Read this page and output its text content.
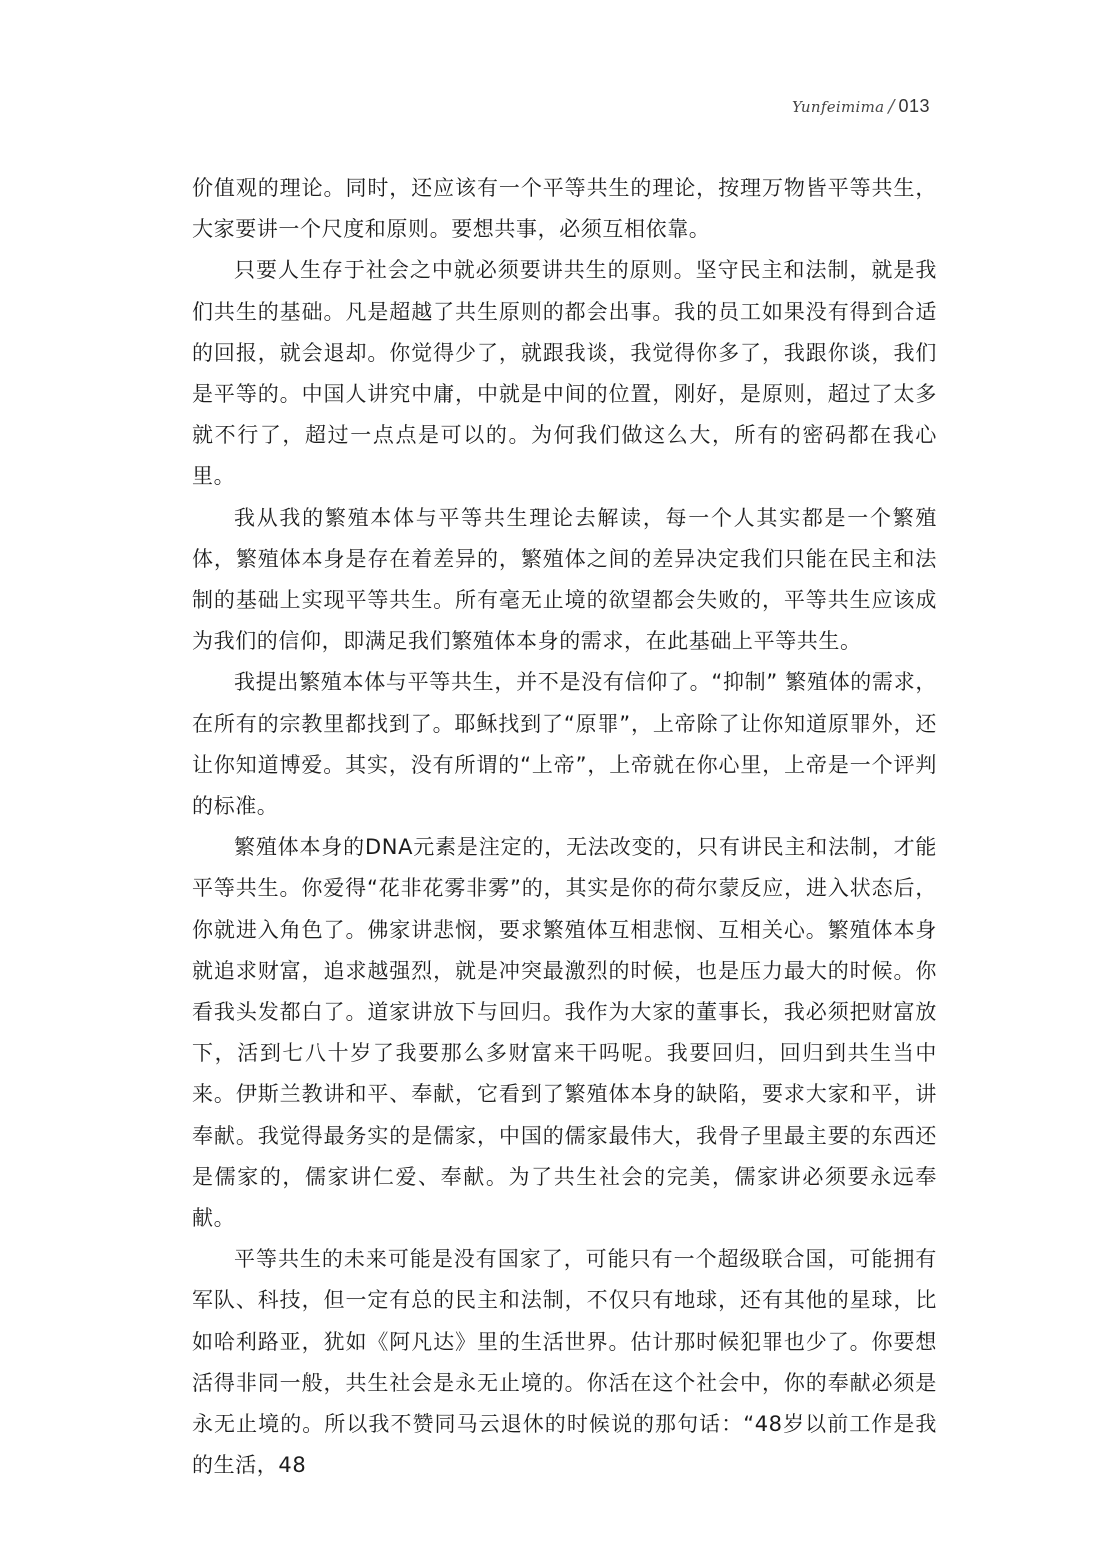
Yunfeimima / 013

价值观的理论。同时，还应该有一个平等共生的理论，按理万物皆平等共生，大家要讲一个尺度和原则。要想共事，必须互相依靠。

只要人生存于社会之中就必须要讲共生的原则。坚守民主和法制，就是我们共生的基础。凡是超越了共生原则的都会出事。我的员工如果没有得到合适的回报，就会退却。你觉得少了，就跟我谈，我觉得你多了，我跟你谈，我们是平等的。中国人讲究中庸，中就是中间的位置，刚好，是原则，超过了太多就不行了，超过一点点是可以的。为何我们做这么大，所有的密码都在我心里。

我从我的繁殖本体与平等共生理论去解读，每一个人其实都是一个繁殖体，繁殖体本身是存在着差异的，繁殖体之间的差异决定我们只能在民主和法制的基础上实现平等共生。所有毫无止境的欲望都会失败的，平等共生应该成为我们的信仰，即满足我们繁殖体本身的需求，在此基础上平等共生。

我提出繁殖本体与平等共生，并不是没有信仰了。“抑制” 繁殖体的需求，在所有的宗教里都找到了。耶稣找到了“原罪”，上帝除了让你知道原罪外，还让你知道博爱。其实，没有所谓的“上帝”，上帝就在你心里，上帝是一个评判的标准。

繁殖体本身的DNA元素是注定的，无法改变的，只有讲民主和法制，才能平等共生。你爱得“花非花雾非雾”的，其实是你的荷尔蒙反应，进入状态后，你就进入角色了。佛家讲悲悯，要求繁殖体互相悲悯、互相关心。繁殖体本身就追求财富，追求越强烈，就是冲突最激烈的时候，也是压力最大的时候。你看我头发都白了。道家讲放下与回归。我作为大家的董事长，我必须把财富放下，活到七八十岁了我要那么多财富来干吗呢。我要回归，回归到共生当中来。伊斯兰教讲和平、奉献，它看到了繁殖体本身的缺陷，要求大家和平，讲奉献。我觉得最务实的是儒家，中国的儒家最伟大，我骨子里最主要的东西还是儒家的，儒家讲仁爱、奉献。为了共生社会的完美，儒家讲必须要永远奉献。

平等共生的未来可能是没有国家了，可能只有一个超级联合国，可能拥有军队、科技，但一定有总的民主和法制，不仅只有地球，还有其他的星球，比如哈利路亚，犹如《阿凡达》里的生活世界。估计那时候犯罪也少了。你要想活得非同一般，共生社会是永无止境的。你活在这个社会中，你的奉献必须是永无止境的。所以我不赞同马云退休的时候说的那句话：“48岁以前工作是我的生活，48
